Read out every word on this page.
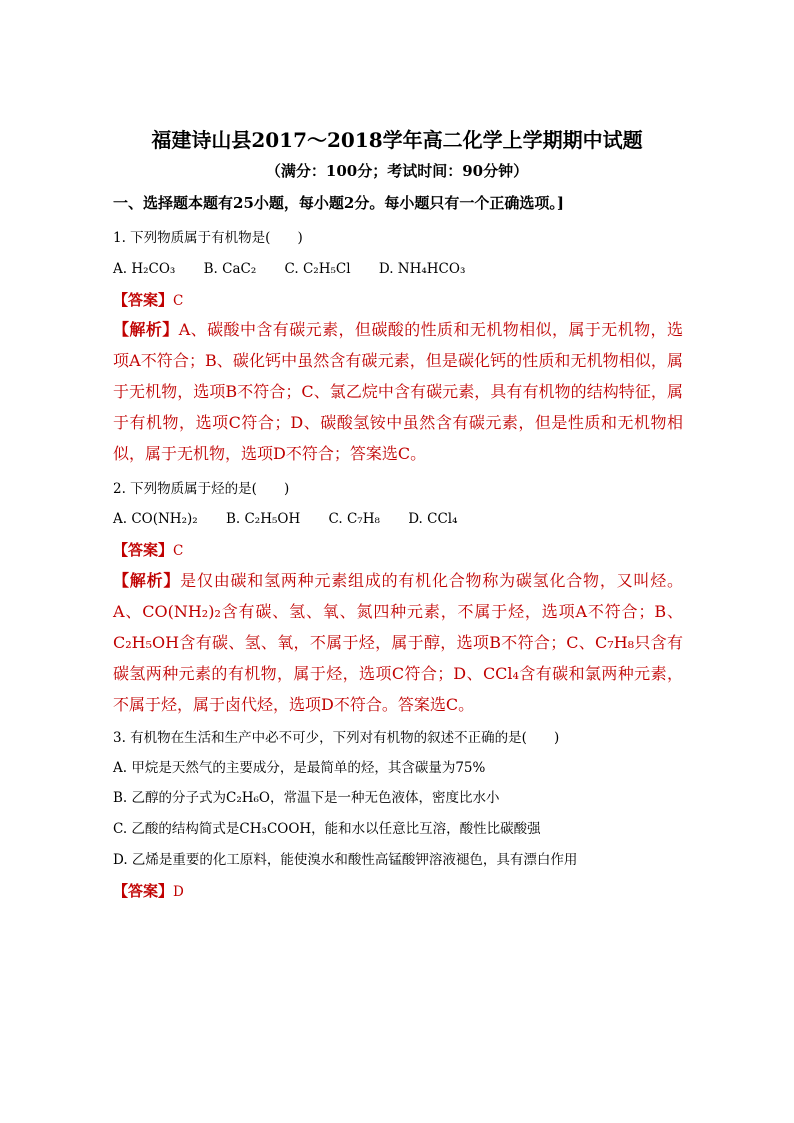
福建诗山县2017～2018学年高二化学上学期期中试题
（满分：100分；考试时间：90分钟）
一、选择题本题有25小题，每小题2分。每小题只有一个正确选项。]
1. 下列物质属于有机物是(　　)
A. H₂CO₃ B. CaC₂ C. C₂H₅Cl D. NH₄HCO₃
【答案】C
【解析】A、碳酸中含有碳元素，但碳酸的性质和无机物相似，属于无机物，选项A不符合；B、碳化钙中虽然含有碳元素，但是碳化钙的性质和无机物相似，属于无机物，选项B不符合；C、氯乙烷中含有碳元素，具有有机物的结构特征，属于有机物，选项C符合；D、碳酸氢铵中虽然含有碳元素，但是性质和无机物相似，属于无机物，选项D不符合；答案选C。
2. 下列物质属于烃的是(　　)
A. CO(NH₂)₂ B. C₂H₅OH C. C₇H₈ D. CCl₄
【答案】C
【解析】是仅由碳和氢两种元素组成的有机化合物称为碳氢化合物，又叫烃。A、CO(NH₂)₂含有碳、氢、氧、氮四种元素，不属于烃，选项A不符合；B、C₂H₅OH含有碳、氢、氧，不属于烃，属于醇，选项B不符合；C、C₇H₈只含有碳氢两种元素的有机物，属于烃，选项C符合；D、CCl₄含有碳和氯两种元素，不属于烃，属于卤代烃，选项D不符合。答案选C。
3. 有机物在生活和生产中必不可少，下列对有机物的叙述不正确的是(　　)
A. 甲烷是天然气的主要成分，是最简单的烃，其含碳量为75%
B. 乙醇的分子式为C₂H₆O，常温下是一种无色液体，密度比水小
C. 乙酸的结构简式是CH₃COOH，能和水以任意比互溶，酸性比碳酸强
D. 乙烯是重要的化工原料，能使溴水和酸性高锰酸钾溶液褪色，具有漂白作用
【答案】D
